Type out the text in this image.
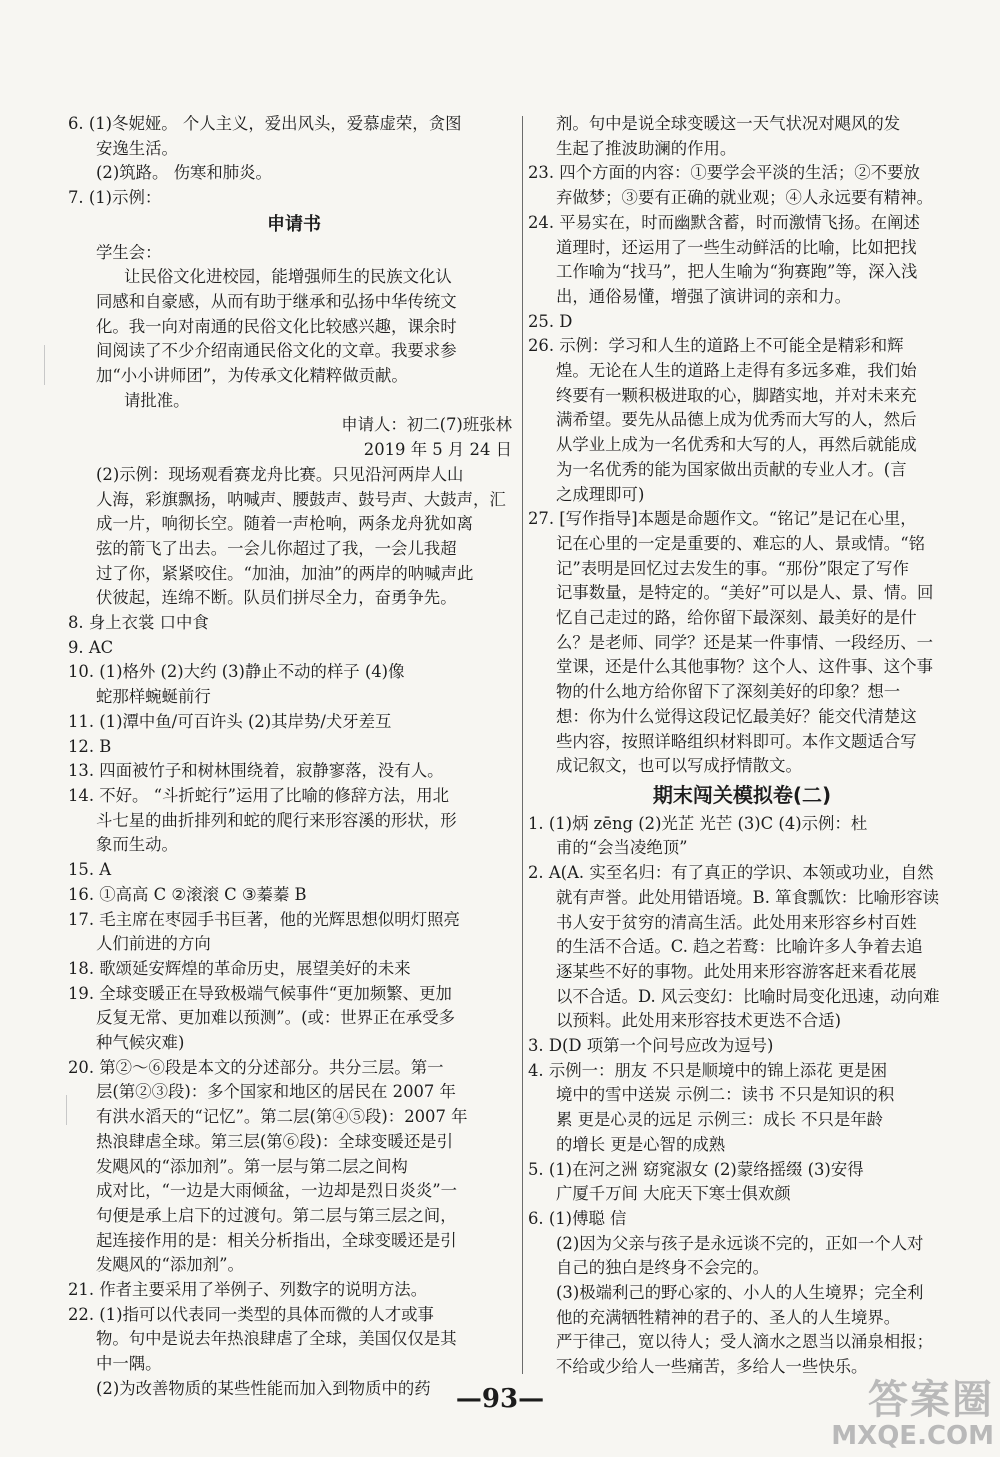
6. (1)冬妮娅。 个人主义，爱出风头，爱慕虚荣，贪图
安逸生活。
(2)筑路。 伤寒和肺炎。
7. (1)示例：
申请书
学生会：
让民俗文化进校园，能增强师生的民族文化认
同感和自豪感，从而有助于继承和弘扬中华传统文
化。我一向对南通的民俗文化比较感兴趣，课余时
间阅读了不少介绍南通民俗文化的文章。我要求参
加“小小讲师团”，为传承文化精粹做贡献。
请批准。
申请人：初二(7)班张林
2019 年 5 月 24 日
(2)示例：现场观看赛龙舟比赛。只见沿河两岸人山
人海，彩旗飘扬，呐喊声、腰鼓声、鼓号声、大鼓声，汇
成一片，响彻长空。随着一声枪响，两条龙舟犹如离
弦的箭飞了出去。一会儿你超过了我，一会儿我超
过了你，紧紧咬住。“加油，加油”的两岸的呐喊声此
伏彼起，连绵不断。队员们拼尽全力，奋勇争先。
8. 身上衣裳 口中食
9. AC
10. (1)格外 (2)大约 (3)静止不动的样子 (4)像
蛇那样蜿蜒前行
11. (1)潭中鱼/可百许头 (2)其岸势/犬牙差互
12. B
13. 四面被竹子和树林围绕着，寂静寥落，没有人。
14. 不好。 “斗折蛇行”运用了比喻的修辞方法，用北
斗七星的曲折排列和蛇的爬行来形容溪的形状，形
象而生动。
15. A
16. ①高高 C ②滚滚 C ③蓁蓁 B
17. 毛主席在枣园手书巨著，他的光辉思想似明灯照亮
人们前进的方向
18. 歌颂延安辉煌的革命历史，展望美好的未来
19. 全球变暖正在导致极端气候事件“更加频繁、更加
反复无常、更加难以预测”。(或：世界正在承受多
种气候灾难)
20. 第②～⑥段是本文的分述部分。共分三层。第一
层(第②③段)：多个国家和地区的居民在 2007 年
有洪水滔天的“记忆”。第二层(第④⑤段)：2007 年
热浪肆虐全球。第三层(第⑥段)：全球变暖还是引
发飓风的“添加剂”。第一层与第二层之间构
成对比，“一边是大雨倾盆，一边却是烈日炎炎”一
句便是承上启下的过渡句。第二层与第三层之间，
起连接作用的是：相关分析指出，全球变暖还是引
发飓风的“添加剂”。
21. 作者主要采用了举例子、列数字的说明方法。
22. (1)指可以代表同一类型的具体而微的人才或事
物。句中是说去年热浪肆虐了全球，美国仅仅是其
中一隅。
(2)为改善物质的某些性能而加入到物质中的药
剂。句中是说全球变暖这一天气状况对飓风的发
生起了推波助澜的作用。
23. 四个方面的内容：①要学会平淡的生活；②不要放
弃做梦；③要有正确的就业观；④人永远要有精神。
24. 平易实在，时而幽默含蓄，时而激情飞扬。在阐述
道理时，还运用了一些生动鲜活的比喻，比如把找
工作喻为“找马”，把人生喻为“狗赛跑”等，深入浅
出，通俗易懂，增强了演讲词的亲和力。
25. D
26. 示例：学习和人生的道路上不可能全是精彩和辉
煌。无论在人生的道路上走得有多远多难，我们始
终要有一颗积极进取的心，脚踏实地，并对未来充
满希望。要先从品德上成为优秀而大写的人，然后
从学业上成为一名优秀和大写的人，再然后就能成
为一名优秀的能为国家做出贡献的专业人才。(言
之成理即可)
27. [写作指导]本题是命题作文。“铭记”是记在心里，
记在心里的一定是重要的、难忘的人、景或情。“铭
记”表明是回忆过去发生的事。“那份”限定了写作
记事数量，是特定的。“美好”可以是人、景、情。回
忆自己走过的路，给你留下最深刻、最美好的是什
么？是老师、同学？还是某一件事情、一段经历、一
堂课，还是什么其他事物？这个人、这件事、这个事
物的什么地方给你留下了深刻美好的印象？想一
想：你为什么觉得这段记忆最美好？能交代清楚这
些内容，按照详略组织材料即可。本作文题适合写
成记叙文，也可以写成抒情散文。
期末闯关模拟卷(二)
1. (1)炳 zēng (2)光芷 光芒 (3)C (4)示例：杜
甫的“会当凌绝顶”
2. A(A. 实至名归：有了真正的学识、本领或功业，自然
就有声誉。此处用错语境。B. 箪食瓢饮：比喻形容读
书人安于贫穷的清高生活。此处用来形容乡村百姓
的生活不合适。C. 趋之若鹜：比喻许多人争着去追
逐某些不好的事物。此处用来形容游客赶来看花展
以不合适。D. 风云变幻：比喻时局变化迅速，动向难
以预料。此处用来形容技术更迭不合适)
3. D(D 项第一个问号应改为逗号)
4. 示例一：朋友 不只是顺境中的锦上添花 更是困
境中的雪中送炭 示例二：读书 不只是知识的积
累 更是心灵的远足 示例三：成长 不只是年龄
的增长 更是心智的成熟
5. (1)在河之洲 窈窕淑女 (2)蒙络摇缀 (3)安得
广厦千万间 大庇天下寒士俱欢颜
6. (1)傅聪 信
(2)因为父亲与孩子是永远谈不完的，正如一个人对
自己的独白是终身不会完的。
(3)极端利己的野心家的、小人的人生境界；完全利
他的充满牺牲精神的君子的、圣人的人生境界。
严于律己，宽以待人；受人滴水之恩当以涌泉相报；
不给或少给人一些痛苦，多给人一些快乐。
—93—	答案圈
MXQE.COM
